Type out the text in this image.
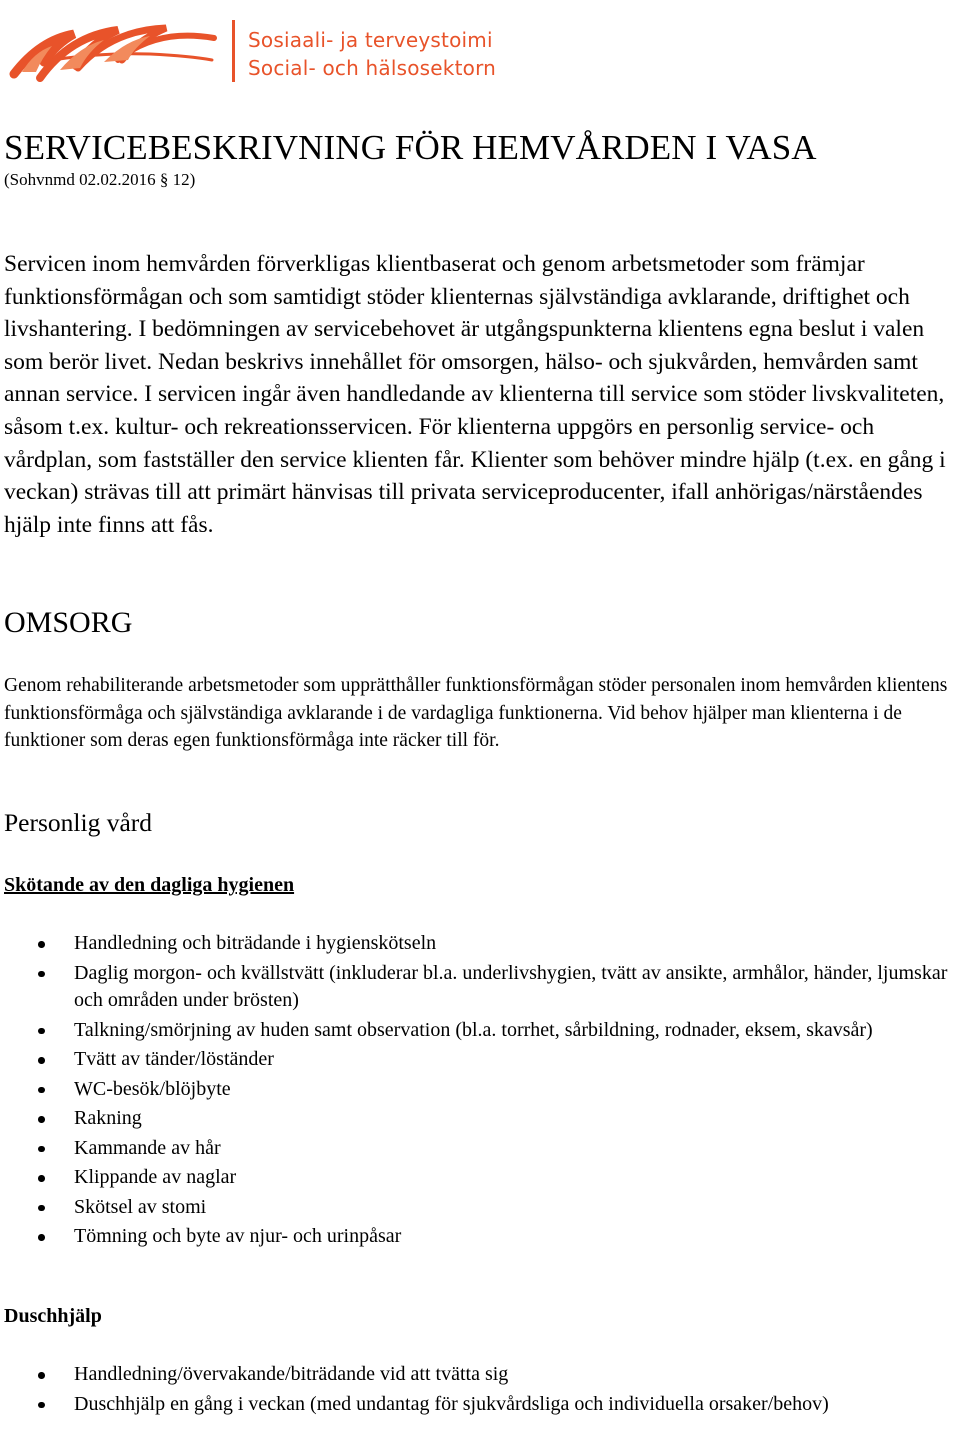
Sosiaali- ja terveystoimi
Social- och hälsosektorn
SERVICEBESKRIVNING FÖR HEMVÅRDEN I VASA
(Sohvnmd 02.02.2016 § 12)

Servicen inom hemvården förverkligas klientbaserat och genom arbetsmetoder som främjar funktionsförmågan och som samtidigt stöder klienternas självständiga avklarande, driftighet och livshantering. I bedömningen av servicebehovet är utgångspunkterna klientens egna beslut i valen som berör livet. Nedan beskrivs innehållet för omsorgen, hälso- och sjukvården, hemvården samt annan service. I servicen ingår även handledande av klienterna till service som stöder livskvaliteten, såsom t.ex. kultur- och rekreationsservicen. För klienterna uppgörs en personlig service- och vårdplan, som fastställer den service klienten får. Klienter som behöver mindre hjälp (t.ex. en gång i veckan) strävas till att primärt hänvisas till privata serviceproducenter, ifall anhörigas/närståendes hjälp inte finns att fås.

OMSORG

Genom rehabiliterande arbetsmetoder som upprätthåller funktionsförmågan stöder personalen inom hemvården klientens funktionsförmåga och självständiga avklarande i de vardagliga funktionerna. Vid behov hjälper man klienterna i de funktioner som deras egen funktionsförmåga inte räcker till för.

Personlig vård
Skötande av den dagliga hygienen
Handledning och biträdande i hygienskötseln
Daglig morgon- och kvällstvätt (inkluderar bl.a. underlivshygien, tvätt av ansikte, armhålor, händer, ljumskar och områden under brösten)
Talkning/smörjning av huden samt observation (bl.a. torrhet, sårbildning, rodnader, eksem, skavsår)
Tvätt av tänder/löständer
WC-besök/blöjbyte
Rakning
Kammande av hår
Klippande av naglar
Skötsel av stomi
Tömning och byte av njur- och urinpåsar
Duschhjälp
Handledning/övervakande/biträdande vid att tvätta sig
Duschhjälp en gång i veckan (med undantag för sjukvårdsliga och individuella orsaker/behov)
